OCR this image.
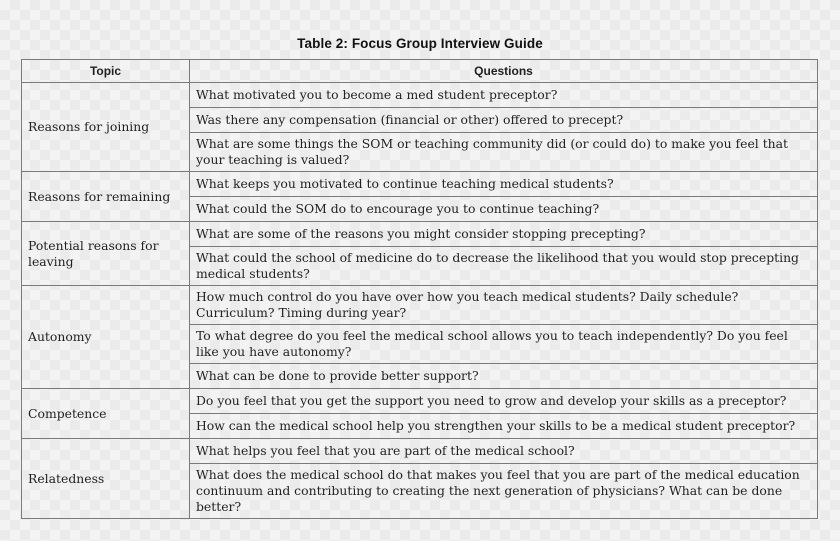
Table 2: Focus Group Interview Guide
Topic	Questions
Reasons for joining	What motivated you to become a med student preceptor?
	Was there any compensation (financial or other) offered to precept?
	What are some things the SOM or teaching community did (or could do) to make you feel that your teaching is valued?
Reasons for remaining	What keeps you motivated to continue teaching medical students?
	What could the SOM do to encourage you to continue teaching?
Potential reasons for leaving	What are some of the reasons you might consider stopping precepting?
	What could the school of medicine do to decrease the likelihood that you would stop precepting medical students?
Autonomy	How much control do you have over how you teach medical students? Daily schedule? Curriculum? Timing during year?
	To what degree do you feel the medical school allows you to teach independently? Do you feel like you have autonomy?
	What can be done to provide better support?
Competence	Do you feel that you get the support you need to grow and develop your skills as a preceptor?
	How can the medical school help you strengthen your skills to be a medical student preceptor?
Relatedness	What helps you feel that you are part of the medical school?
	What does the medical school do that makes you feel that you are part of the medical education continuum and contributing to creating the next generation of physicians? What can be done better?
